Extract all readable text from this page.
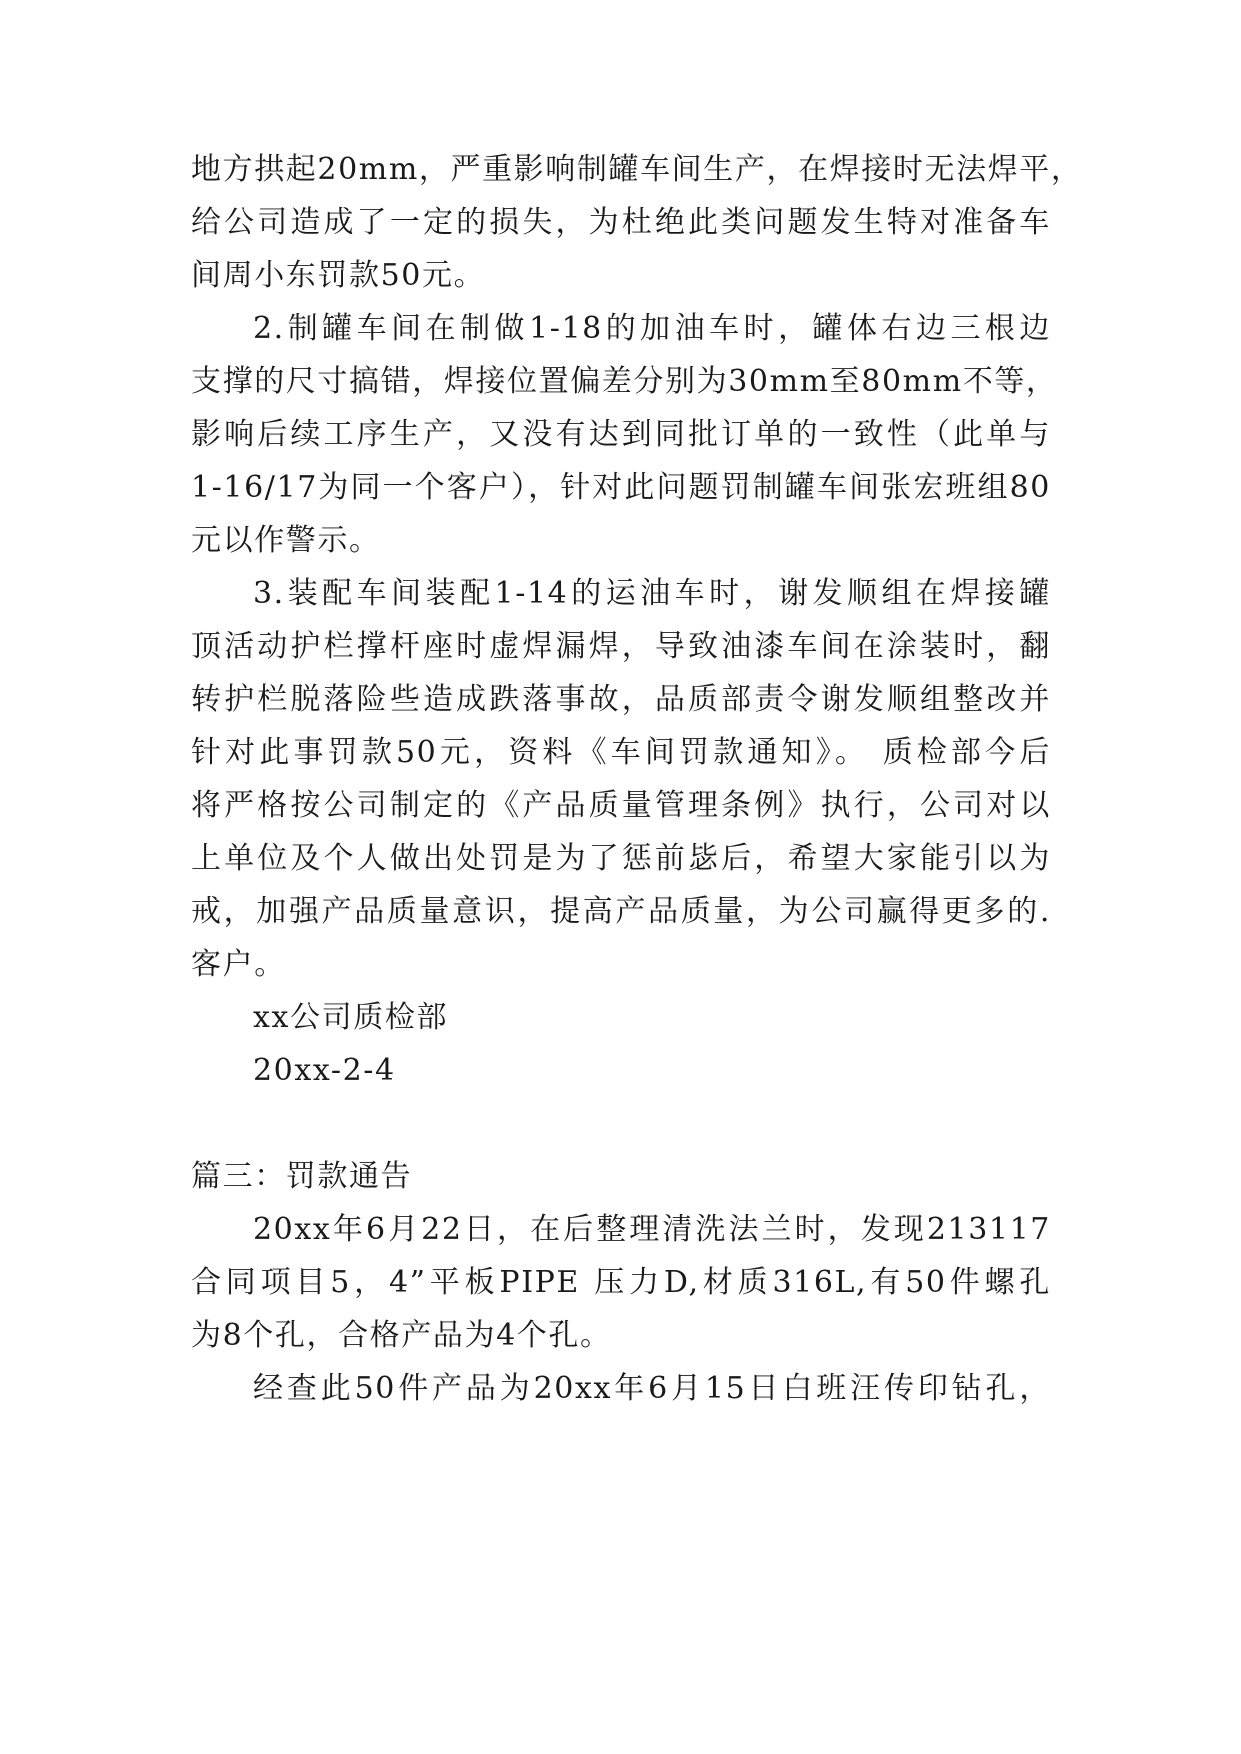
地方拱起20mm，严重影响制罐车间生产，在焊接时无法焊平，
给公司造成了一定的损失，为杜绝此类问题发生特对准备车
间周小东罚款50元。
2.制罐车间在制做1-18的加油车时，罐体右边三根边
支撑的尺寸搞错，焊接位置偏差分别为30mm至80mm不等，
影响后续工序生产，又没有达到同批订单的一致性（此单与
1-16/17为同一个客户），针对此问题罚制罐车间张宏班组80
元以作警示。
3.装配车间装配1-14的运油车时，谢发顺组在焊接罐
顶活动护栏撑杆座时虚焊漏焊，导致油漆车间在涂装时，翻
转护栏脱落险些造成跌落事故，品质部责令谢发顺组整改并
针对此事罚款50元，资料《车间罚款通知》。 质检部今后
将严格按公司制定的《产品质量管理条例》执行，公司对以
上单位及个人做出处罚是为了惩前毖后，希望大家能引以为
戒，加强产品质量意识，提高产品质量，为公司赢得更多的.
客户。
xx公司质检部
20xx-2-4
篇三：罚款通告
20xx年6月22日，在后整理清洗法兰时，发现213117
合同项目5，4”平板PIPE 压力D,材质316L,有50件螺孔
为8个孔，合格产品为4个孔。
经查此50件产品为20xx年6月15日白班汪传印钻孔，
